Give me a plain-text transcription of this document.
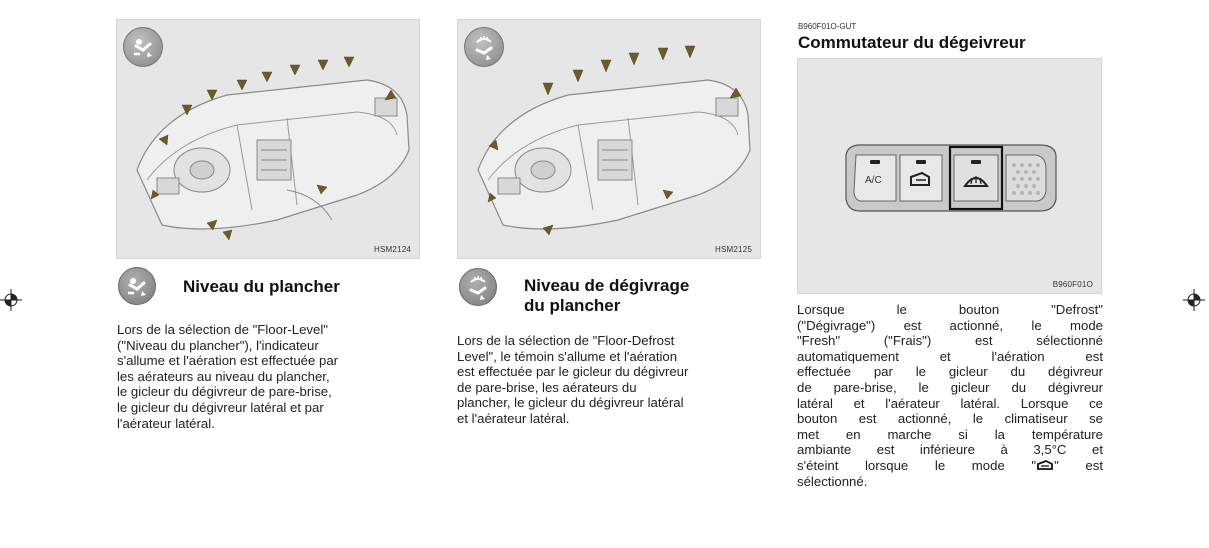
HSM2124
Niveau du plancher
Lors de la sélection de "Floor-Level"
("Niveau du plancher"), l'indicateur
s'allume et l'aération est effectuée par
les aérateurs au niveau du plancher,
le gicleur du dégivreur de pare-brise,
le gicleur du dégivreur latéral et par
l'aérateur latéral.
HSM2125
Niveau de dégivrage
du plancher
Lors de la sélection de "Floor-Defrost
Level", le témoin s'allume et l'aération
est effectuée par le gicleur du dégivreur
de pare-brise, les aérateurs du
plancher, le gicleur du dégivreur latéral
et l'aérateur latéral.
B960F01O-GUT
Commutateur du dégeivreur
A/C
B960F01O
Lorsque le bouton "Defrost"
("Dégivrage") est actionné, le mode
"Fresh" ("Frais") est sélectionné
automatiquement et l'aération est
effectuée par le gicleur du dégivreur
de pare-brise, le gicleur du dégivreur
latéral et l'aérateur latéral. Lorsque ce
bouton est actionné, le climatiseur se
met en marche si la température
ambiante est inférieure à 3,5°C et
s'éteint lorsque le mode " " est
sélectionné.
